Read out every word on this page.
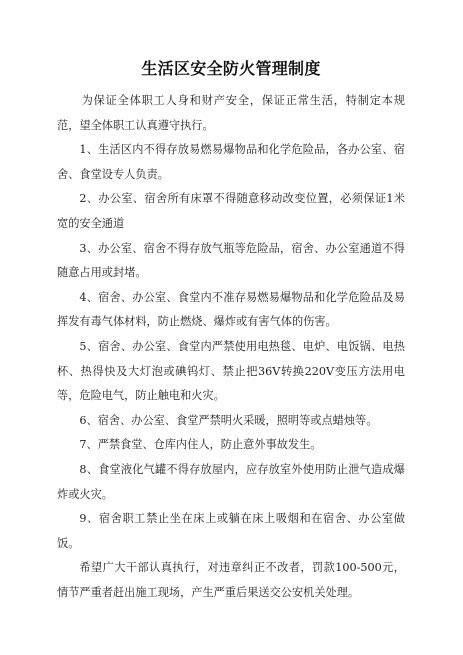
生活区安全防火管理制度

为保证全体职工人身和财产安全，保证正常生活，特制定本规范，望全体职工认真遵守执行。

1、生活区内不得存放易燃易爆物品和化学危险品，各办公室、宿舍、食堂设专人负责。

2、办公室、宿舍所有床罩不得随意移动改变位置，必须保证1米宽的安全通道

3、办公室、宿舍不得存放气瓶等危险品，宿舍、办公室通道不得随意占用或封堵。

4、宿舍、办公室、食堂内不准存易燃易爆物品和化学危险品及易挥发有毒气体材料，防止燃烧、爆炸或有害气体的伤害。

5、宿舍、办公室、食堂内严禁使用电热毯、电炉、电饭锅、电热杯、热得快及大灯泡或碘钨灯、禁止把36V转换220V变压方法用电等，危险电气，防止触电和火灾。

6、宿舍、办公室、食堂严禁明火采暖，照明等或点蜡烛等。

7、严禁食堂、仓库内住人，防止意外事故发生。

8、食堂液化气罐不得存放屋内，应存放室外使用防止泄气造成爆炸或火灾。

9、宿舍职工禁止坐在床上或躺在床上吸烟和在宿舍、办公室做饭。

希望广大干部认真执行，对违章纠正不改者，罚款100-500元，情节严重者赶出施工现场，产生严重后果送交公安机关处理。
